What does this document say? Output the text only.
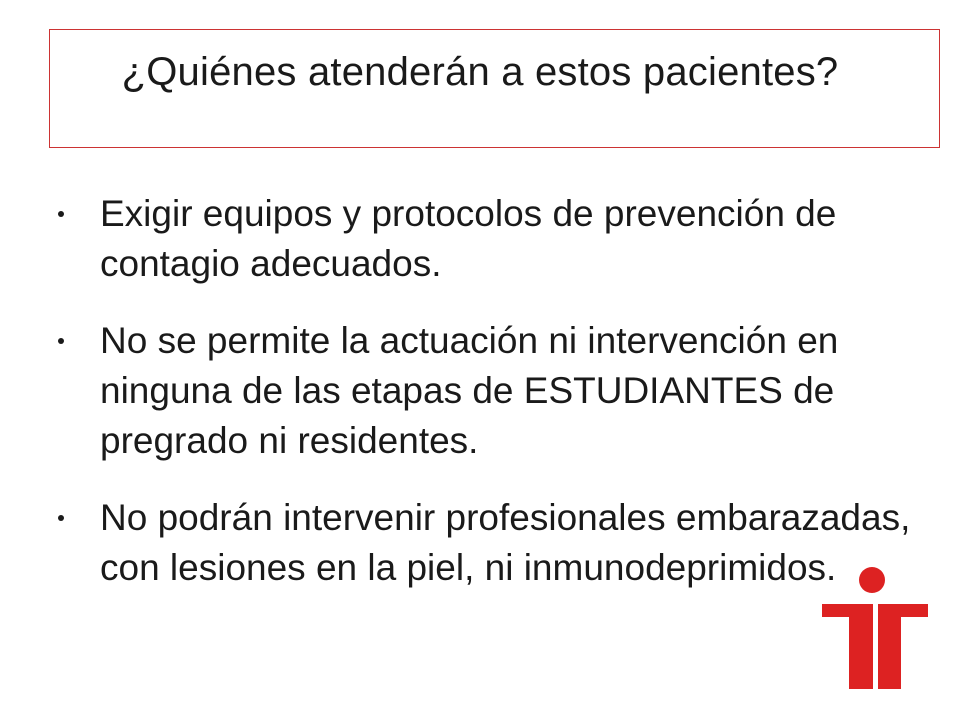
¿Quiénes atenderán a estos pacientes?
Exigir equipos y protocolos de prevención de contagio adecuados.
No se permite la actuación ni intervención en ninguna de las etapas de ESTUDIANTES de pregrado ni residentes.
No podrán intervenir profesionales embarazadas, con lesiones en la piel, ni inmunodeprimidos.
